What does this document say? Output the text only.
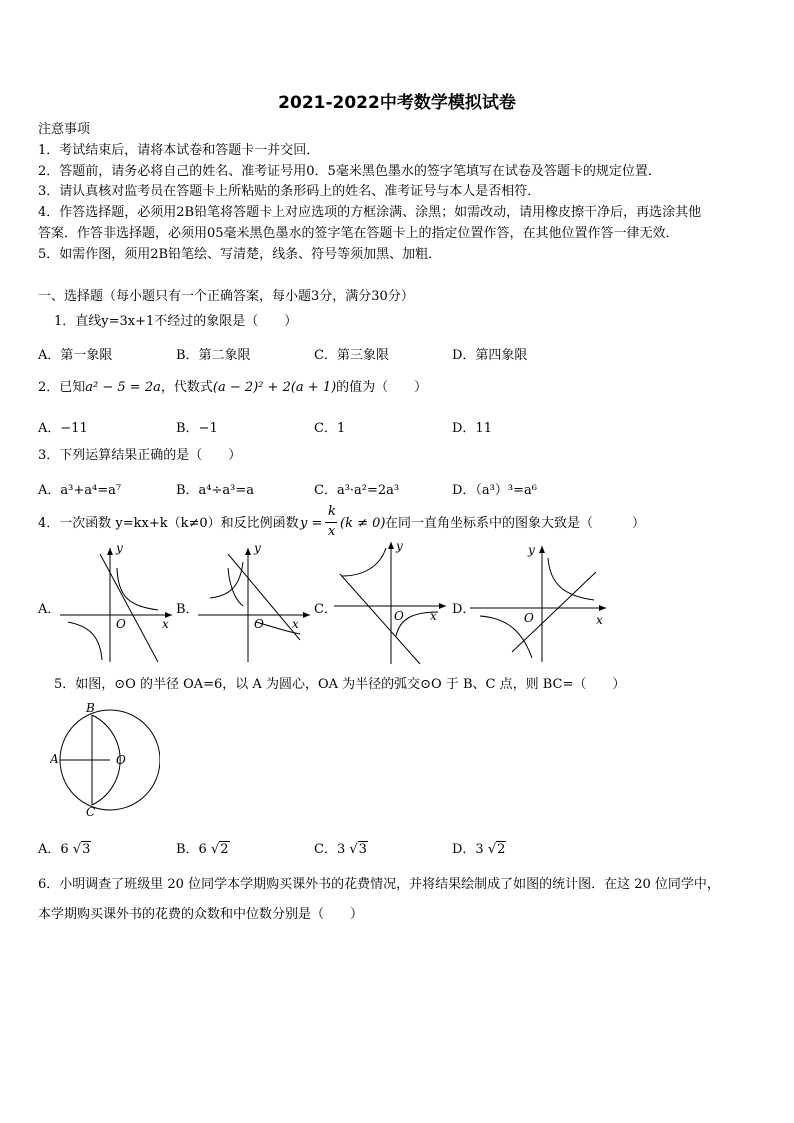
2021-2022中考数学模拟试卷
注意事项
1．考试结束后，请将本试卷和答题卡一并交回．
2．答题前，请务必将自己的姓名、准考证号用0．5毫米黑色墨水的签字笔填写在试卷及答题卡的规定位置．
3．请认真核对监考员在答题卡上所粘贴的条形码上的姓名、准考证号与本人是否相符．
4．作答选择题，必须用2B铅笔将答题卡上对应选项的方框涂满、涂黑；如需改动，请用橡皮擦干净后，再选涂其他
答案．作答非选择题，必须用05毫米黑色墨水的签字笔在答题卡上的指定位置作答，在其他位置作答一律无效．
5．如需作图，须用2B铅笔绘、写清楚，线条、符号等须加黑、加粗．
一、选择题（每小题只有一个正确答案，每小题3分，满分30分）
1．直线y=3x+1不经过的象限是（　　）
A．第一象限	B．第二象限	C．第三象限	D．第四象限
2．已知a² − 5 = 2a，代数式(a − 2)² + 2(a + 1)的值为（　　）
A．−11	B．−1	C．1	D．11
3．下列运算结果正确的是（　　）
A．a³+a⁴=a⁷	B．a⁴÷a³=a	C．a³·a²=2a³	D．（a³）³=a⁶
4．一次函数 y=kx+k（k≠0）和反比例函数 y =
k
x
(k ≠ 0) 在同一直角坐标系中的图象大致是（　　　）
A．	B．	C．	D．
y
x
O
y
x
O
y
x
O
y
x
O
5．如图，⊙O 的半径 OA=6，以 A 为圆心，OA 为半径的弧交⊙O 于 B、C 点，则 BC=（　　）
B
A	O
C
A．6 √3	B．6 √2	C．3 √3	D．3 √2
6．小明调查了班级里 20 位同学本学期购买课外书的花费情况，并将结果绘制成了如图的统计图．在这 20 位同学中，
本学期购买课外书的花费的众数和中位数分别是（　　）
